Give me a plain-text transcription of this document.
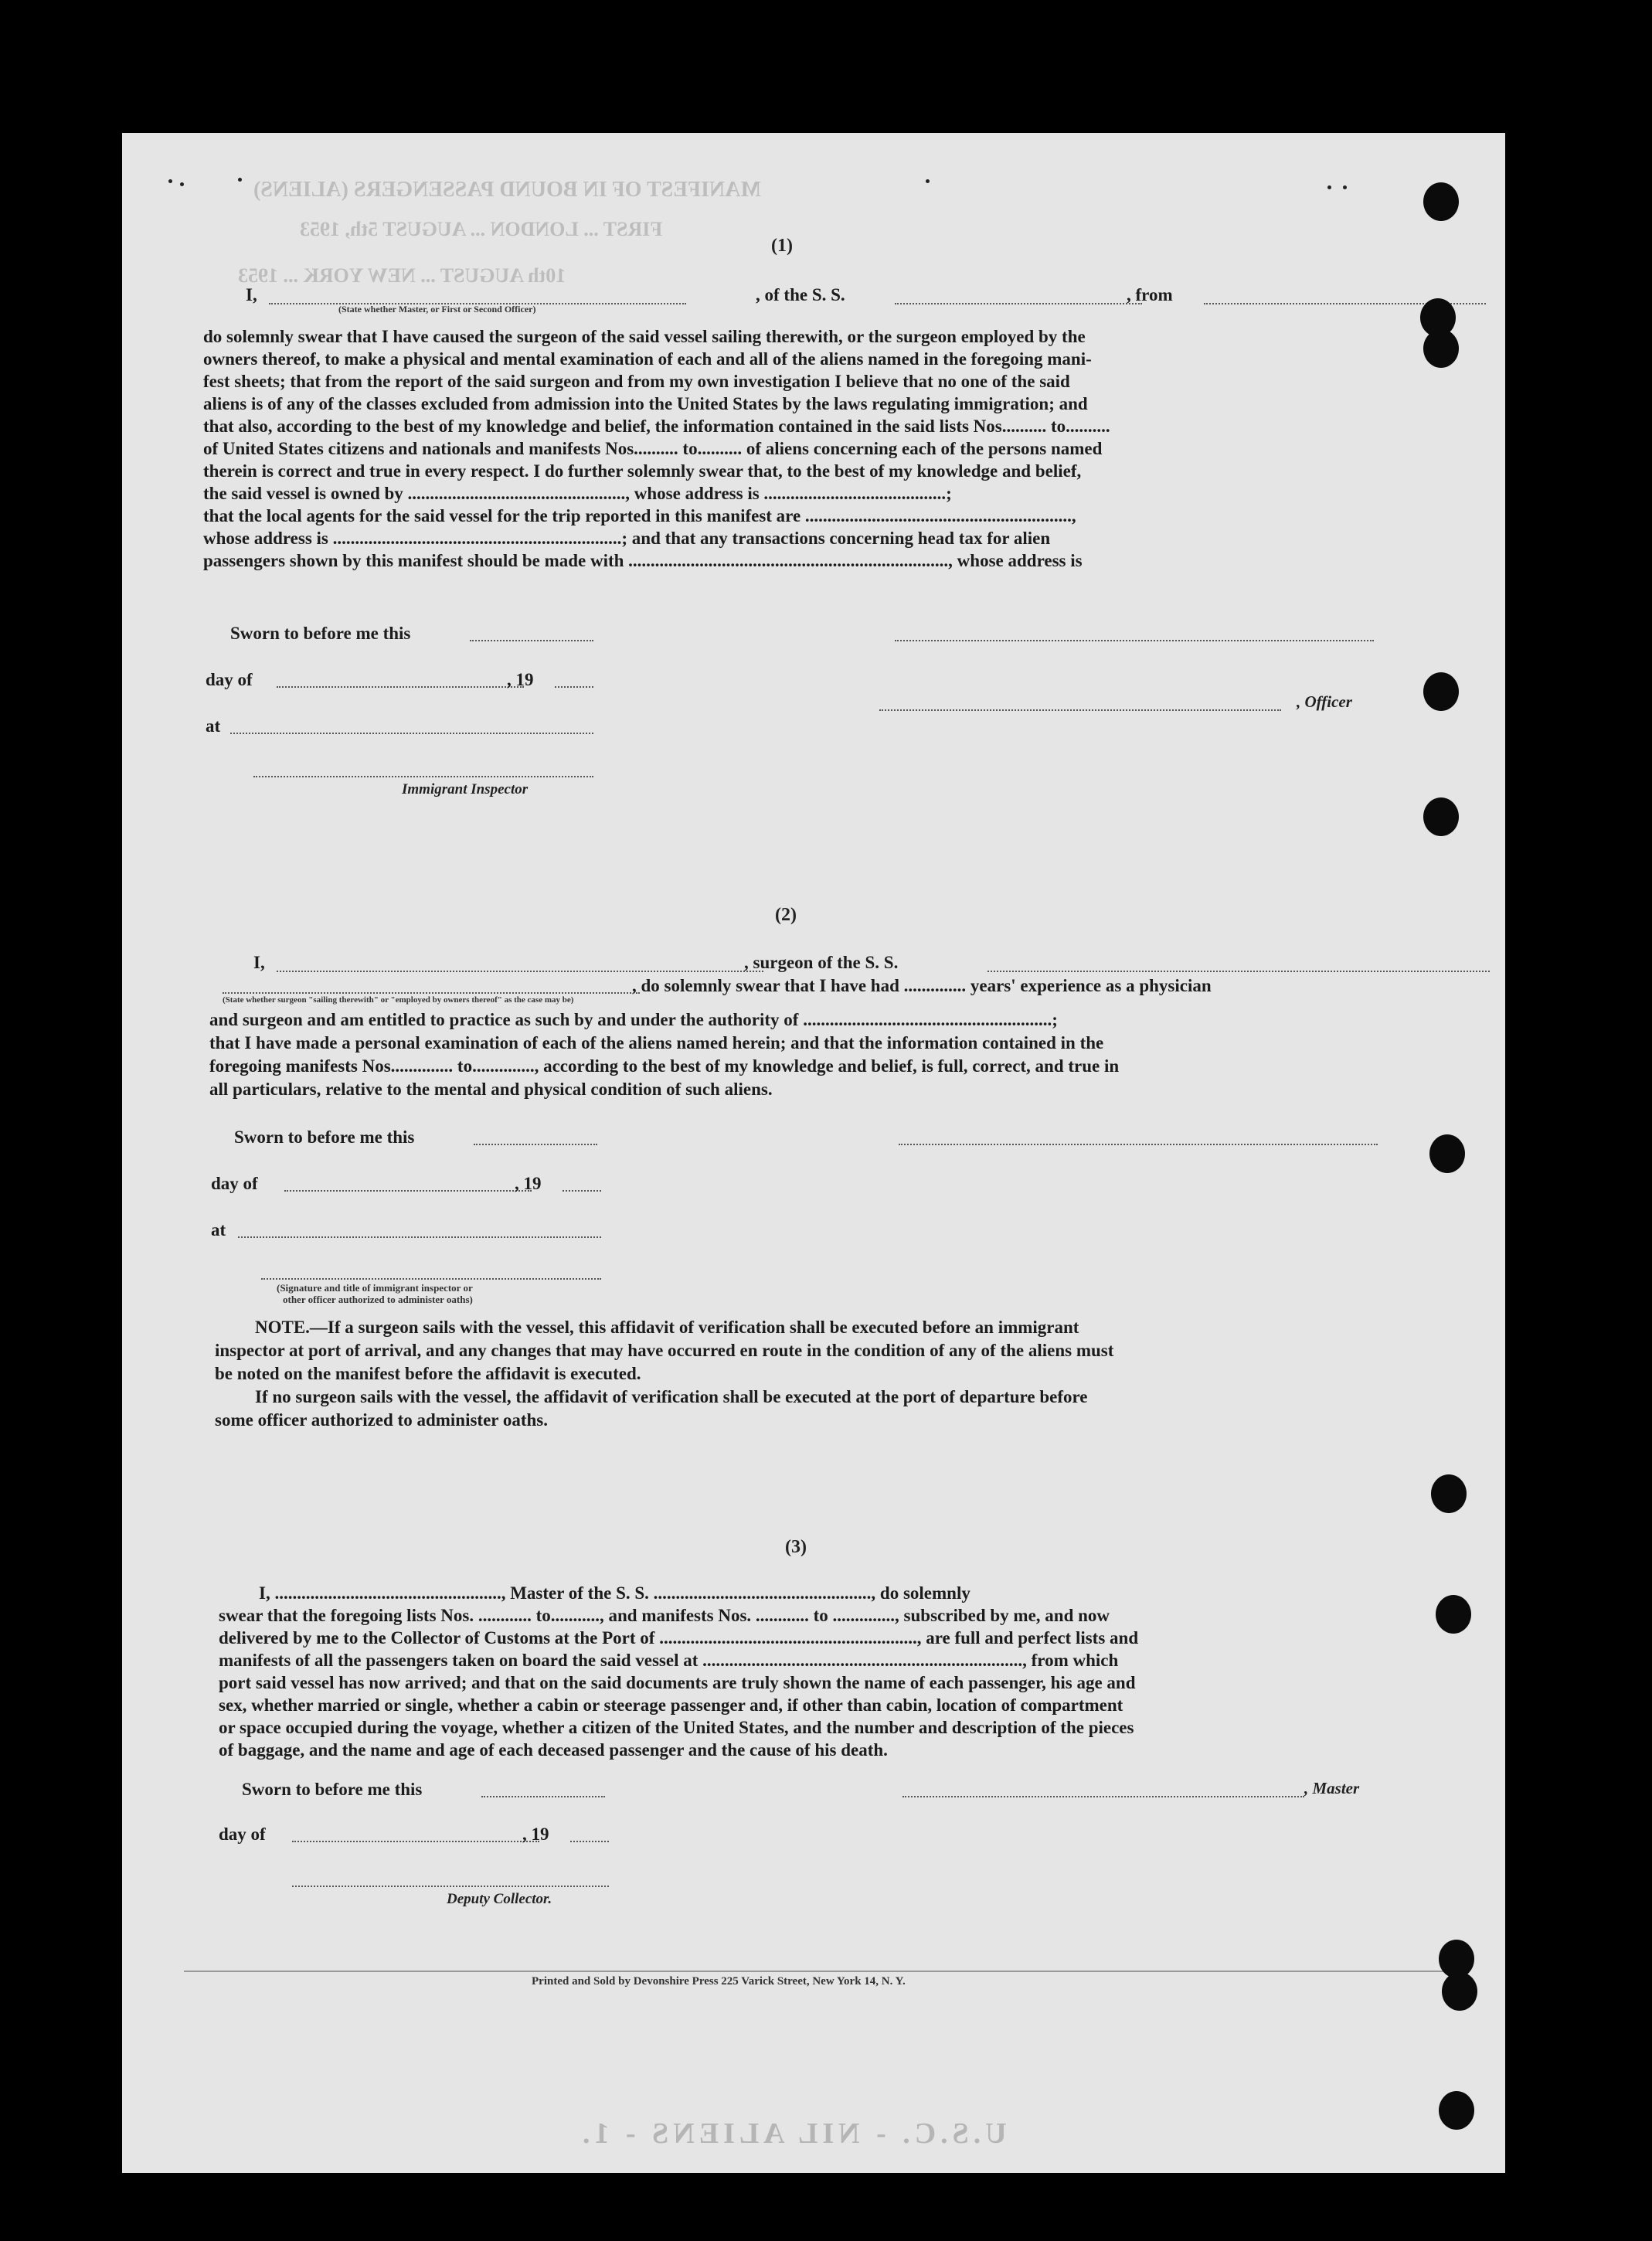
MANIFEST OF IN BOUND PASSENGERS (ALIENS)
FIRST ... LONDON ... AUGUST 5th, 1953
10th AUGUST ... NEW YORK ... 1953
U.S.C. - NIL ALIENS - 1.
(1)
I,	, of the S. S.	, from
(State whether Master, or First or Second Officer)
do solemnly swear that I have caused the surgeon of the said vessel sailing therewith, or the surgeon employed by the
owners thereof, to make a physical and mental examination of each and all of the aliens named in the foregoing mani-
fest sheets; that from the report of the said surgeon and from my own investigation I believe that no one of the said
aliens is of any of the classes excluded from admission into the United States by the laws regulating immigration; and
that also, according to the best of my knowledge and belief, the information contained in the said lists Nos.......... to..........
of United States citizens and nationals and manifests Nos.......... to.......... of aliens concerning each of the persons named
therein is correct and true in every respect. I do further solemnly swear that, to the best of my knowledge and belief,
the said vessel is owned by ................................................., whose address is .........................................;
that the local agents for the said vessel for the trip reported in this manifest are ............................................................,
whose address is .................................................................; and that any transactions concerning head tax for alien
passengers shown by this manifest should be made with ........................................................................, whose address is
Sworn to before me this
day of	, 19
, Officer
at
Immigrant Inspector
(2)
I,	, surgeon of the S. S.
, do solemnly swear that I have had .............. years' experience as a physician
(State whether surgeon "sailing therewith" or "employed by owners thereof" as the case may be)
and surgeon and am entitled to practice as such by and under the authority of ........................................................;
that I have made a personal examination of each of the aliens named herein; and that the information contained in the
foregoing manifests Nos.............. to.............., according to the best of my knowledge and belief, is full, correct, and true in
all particulars, relative to the mental and physical condition of such aliens.
Sworn to before me this
day of	, 19
at
(Signature and title of immigrant inspector or
other officer authorized to administer oaths)
NOTE.—If a surgeon sails with the vessel, this affidavit of verification shall be executed before an immigrant
inspector at port of arrival, and any changes that may have occurred en route in the condition of any of the aliens must
be noted on the manifest before the affidavit is executed.
If no surgeon sails with the vessel, the affidavit of verification shall be executed at the port of departure before
some officer authorized to administer oaths.
(3)
I, ..................................................., Master of the S. S. ................................................., do solemnly
swear that the foregoing lists Nos. ............ to..........., and manifests Nos. ............ to .............., subscribed by me, and now
delivered by me to the Collector of Customs at the Port of .........................................................., are full and perfect lists and
manifests of all the passengers taken on board the said vessel at ........................................................................, from which
port said vessel has now arrived; and that on the said documents are truly shown the name of each passenger, his age and
sex, whether married or single, whether a cabin or steerage passenger and, if other than cabin, location of compartment
or space occupied during the voyage, whether a citizen of the United States, and the number and description of the pieces
of baggage, and the name and age of each deceased passenger and the cause of his death.
Sworn to before me this	, Master
day of	, 19
Deputy Collector.
Printed and Sold by Devonshire Press 225 Varick Street, New York 14, N. Y.
